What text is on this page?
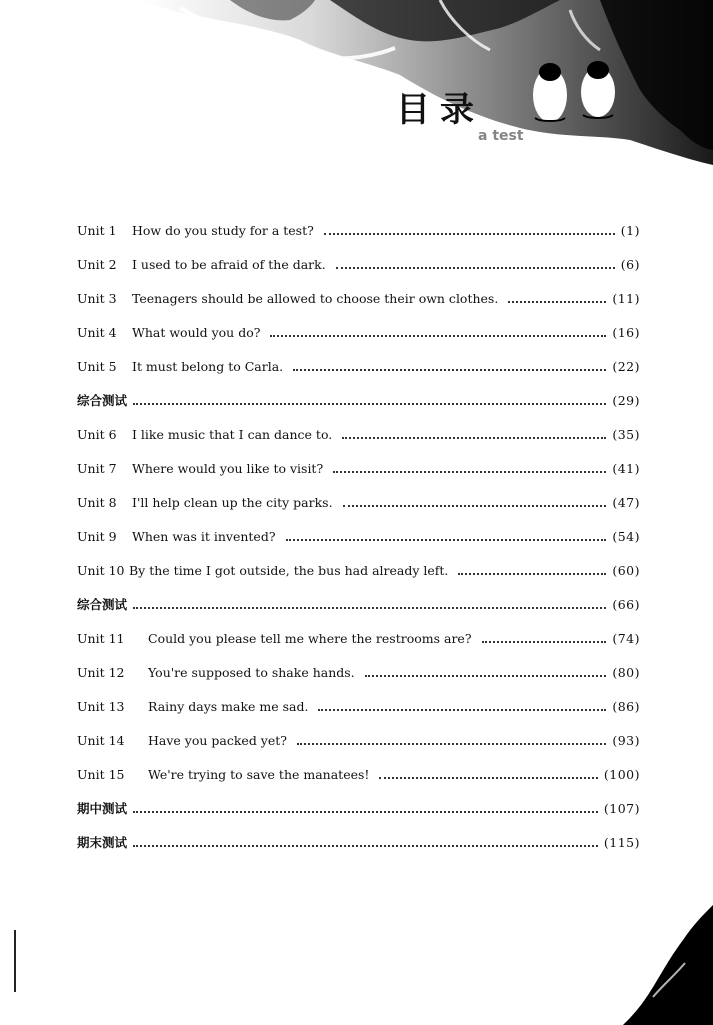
a test
目录
Unit 1	How do you study for a test?	(1)
Unit 2	I used to be afraid of the dark.	(6)
Unit 3	Teenagers should be allowed to choose their own clothes.	(11)
Unit 4	What would you do?	(16)
Unit 5	It must belong to Carla.	(22)
综合测试	(29)
Unit 6	I like music that I can dance to.	(35)
Unit 7	Where would you like to visit?	(41)
Unit 8	I'll help clean up the city parks.	(47)
Unit 9	When was it invented?	(54)
Unit 10 By the time I got outside, the bus had already left.	(60)
综合测试	(66)
Unit 11	Could you please tell me where the restrooms are?	(74)
Unit 12	You're supposed to shake hands.	(80)
Unit 13	Rainy days make me sad.	(86)
Unit 14	Have you packed yet?	(93)
Unit 15	We're trying to save the manatees!	(100)
期中测试	(107)
期末测试	(115)
